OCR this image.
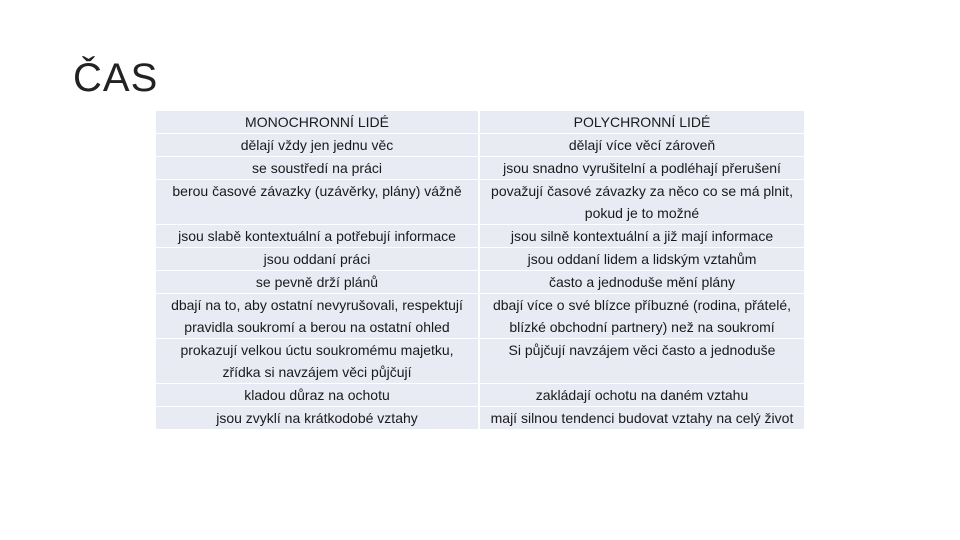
ČAS
MONOCHRONNÍ LIDÉ	POLYCHRONNÍ LIDÉ
dělají vždy jen jednu věc	dělají více věcí zároveň
se soustředí na práci	jsou snadno vyrušitelní a podléhají přerušení
berou časové závazky (uzávěrky, plány) vážně	považují časové závazky za něco co se má plnit, pokud je to možné
jsou slabě kontextuální a potřebují informace	jsou silně kontextuální a již mají informace
jsou oddaní práci	jsou oddaní lidem a lidským vztahům
se pevně drží plánů	často a jednoduše mění plány
dbají na to, aby ostatní nevyrušovali, respektují pravidla soukromí a berou na ostatní ohled	dbají více o své blízce příbuzné (rodina, přátelé, blízké obchodní partnery) než na soukromí
prokazují velkou úctu soukromému majetku, zřídka si navzájem věci půjčují	Si půjčují navzájem věci často a jednoduše
kladou důraz na ochotu	zakládají ochotu na daném vztahu
jsou zvyklí na krátkodobé vztahy	mají silnou tendenci budovat vztahy na celý život
